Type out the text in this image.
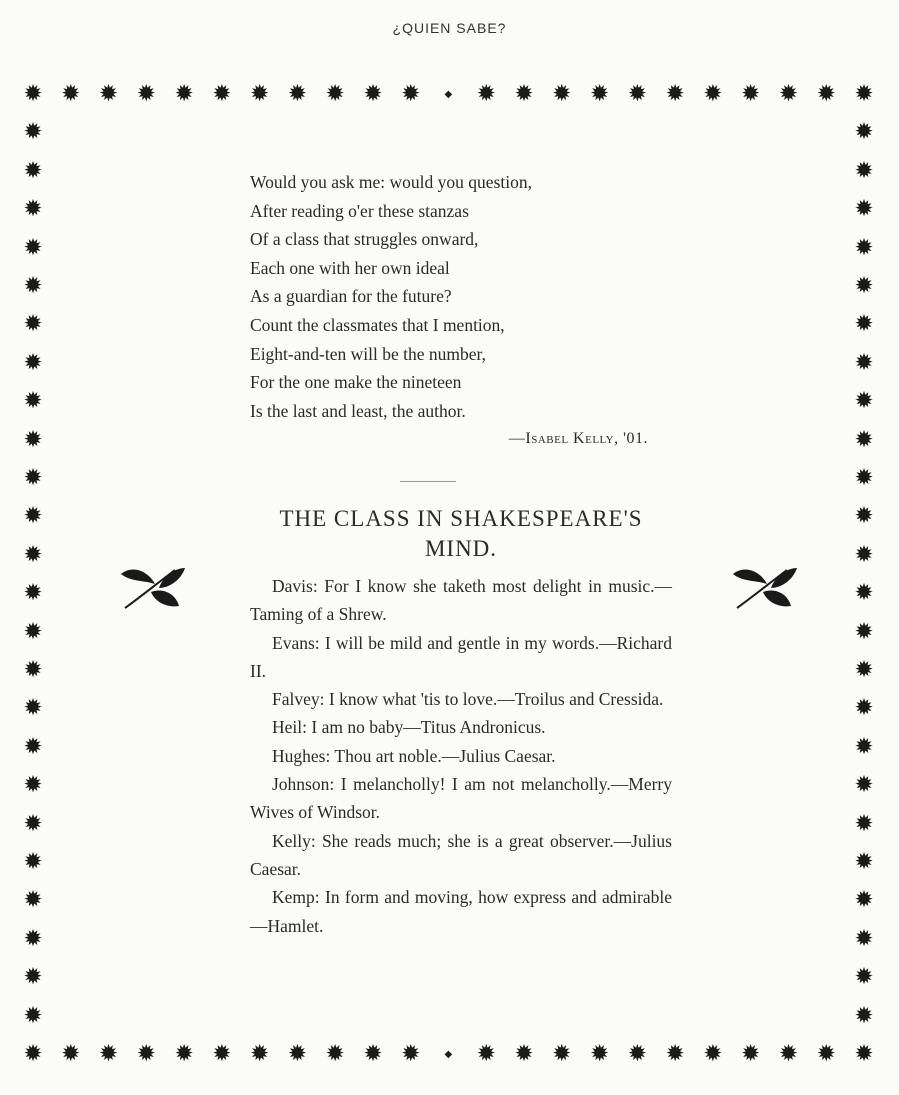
¿QUIEN SABE?
✹
✹
✹
✹
✹
✹
✹
✹
✹
✹
✹
✹
✹
✹
✹
✹
✹
✹
✹
✹
✹
✹
◆
◆
✹
✹
✹
✹
✹
✹
✹
✹
✹
✹
✹
✹
✹
✹
✹
✹
✹
✹
✹
✹
✹
✹
✹	✹
✹	✹
✹	✹
✹	✹
✹	✹
✹	✹
✹	✹
✹	✹
✹	✹
✹	✹
✹	✹
✹	✹
✹	✹
✹	✹
✹	✹
✹	✹
✹	✹
✹	✹
✹	✹
✹	✹
✹	✹
✹	✹
✹	✹
✹	✹
Would you ask me: would you question,
After reading o'er these stanzas
Of a class that struggles onward,
Each one with her own ideal
As a guardian for the future?
Count the classmates that I mention,
Eight-and-ten will be the number,
For the one make the nineteen
Is the last and least, the author.
—Isabel Kelly, '01.
THE CLASS IN SHAKESPEARE'S
MIND.

Davis: For I know she taketh most delight in music.—Taming of a Shrew.

Evans: I will be mild and gentle in my words.—Richard II.

Falvey: I know what 'tis to love.—Troilus and Cressida.

Heil: I am no baby—Titus Andronicus.

Hughes: Thou art noble.—Julius Caesar.

Johnson: I melancholly! I am not melancholly.—Merry Wives of Windsor.

Kelly: She reads much; she is a great observer.—Julius Caesar.

Kemp: In form and moving, how express and admirable—Hamlet.
